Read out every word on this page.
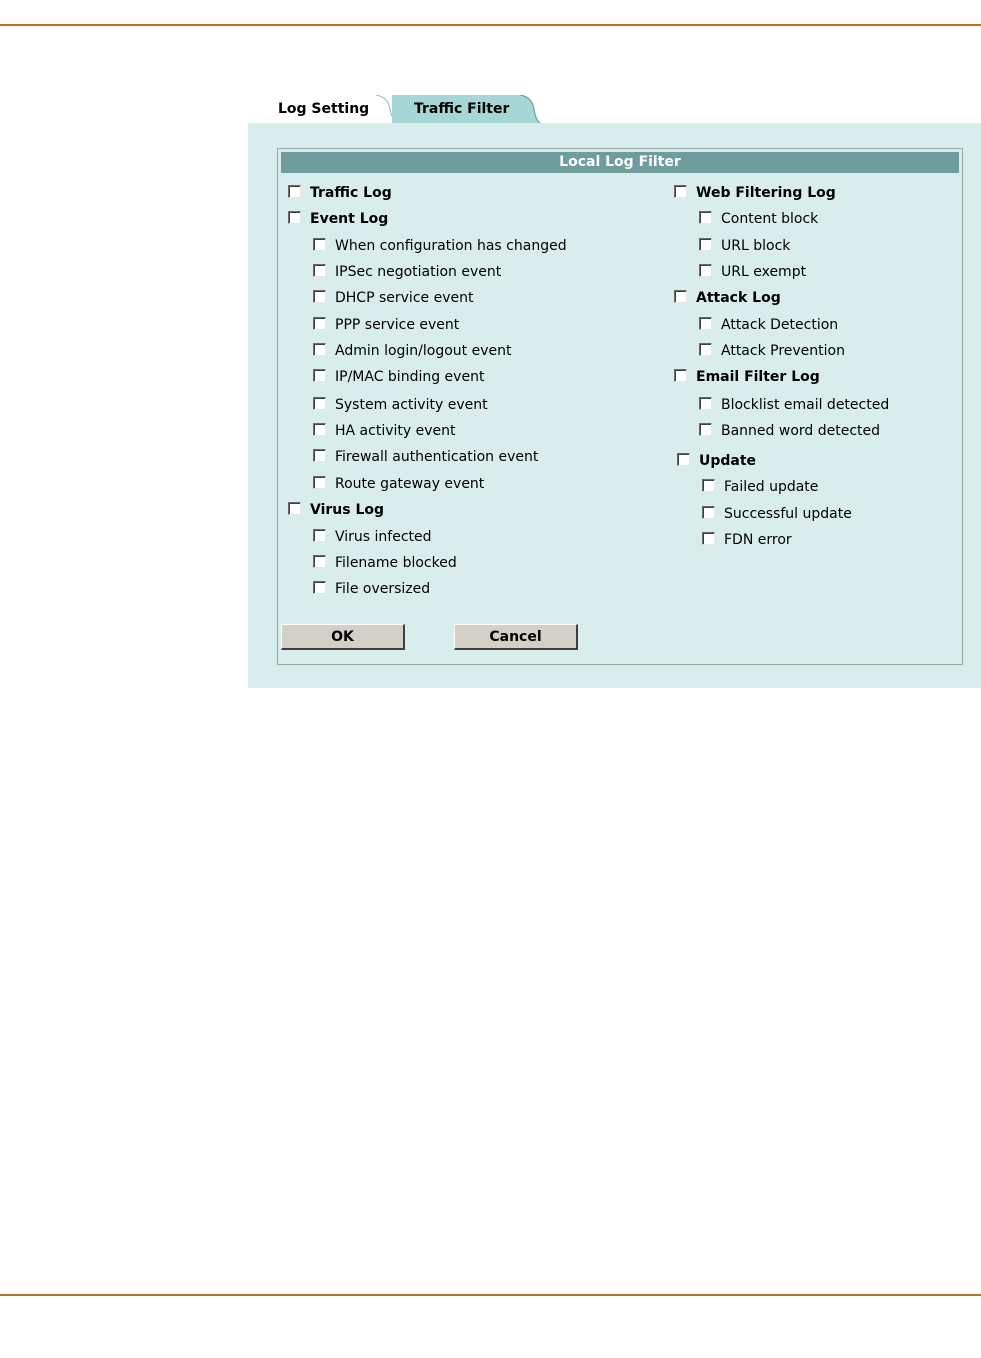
Log Setting	Traffic Filter
Local Log Filter
Traffic Log
Event Log
When configuration has changed
IPSec negotiation event
DHCP service event
PPP service event
Admin login/logout event
IP/MAC binding event
System activity event
HA activity event
Firewall authentication event
Route gateway event
Virus Log
Virus infected
Filename blocked
File oversized
Web Filtering Log
Content block
URL block
URL exempt
Attack Log
Attack Detection
Attack Prevention
Email Filter Log
Blocklist email detected
Banned word detected
Update
Failed update
Successful update
FDN error
OK	Cancel
